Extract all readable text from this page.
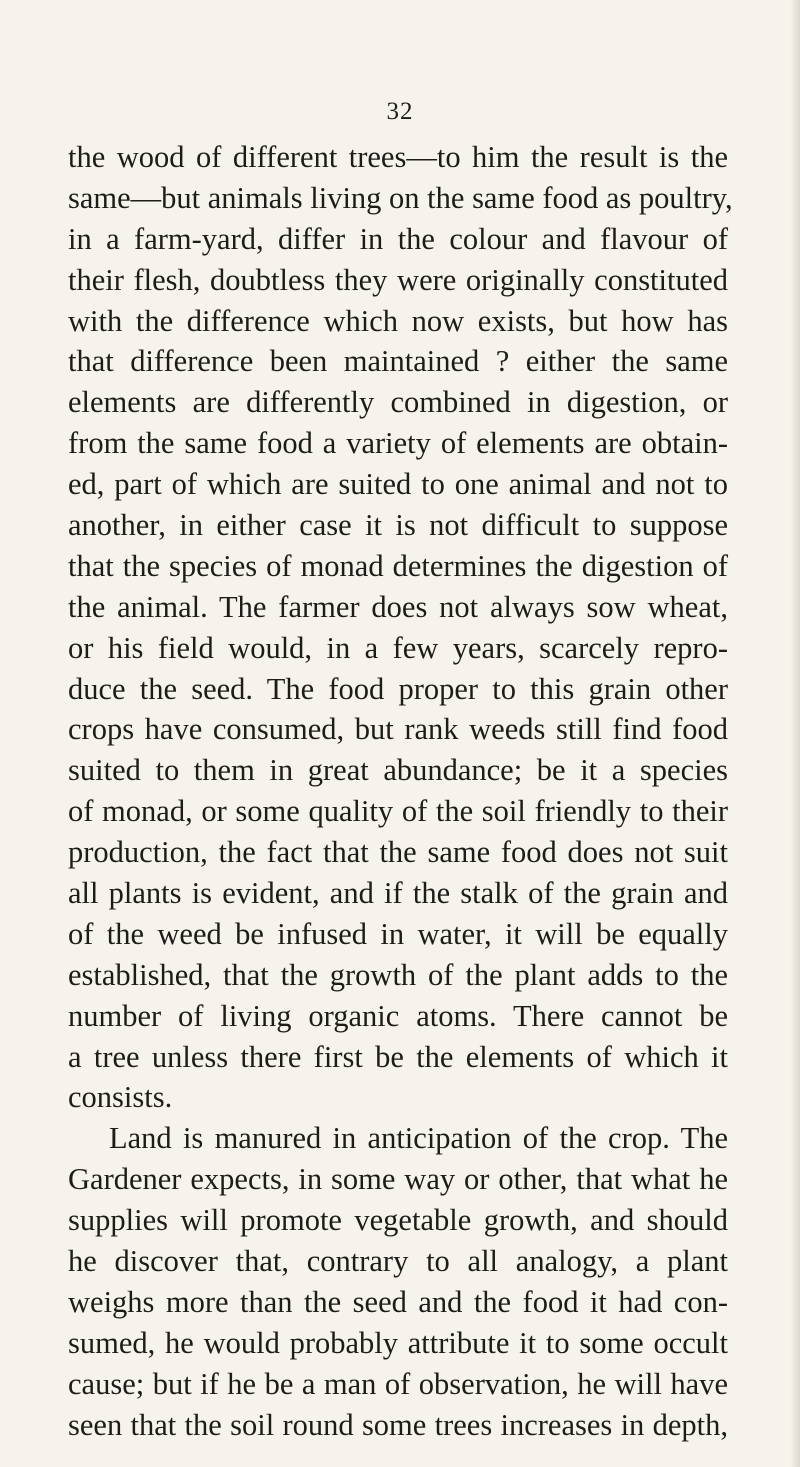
32
the wood of different trees—to him the result is the
same—but animals living on the same food as poultry,
in a farm-yard, differ in the colour and flavour of
their flesh, doubtless they were originally constituted
with the difference which now exists, but how has
that difference been maintained ? either the same
elements are differently combined in digestion, or
from the same food a variety of elements are obtain-
ed, part of which are suited to one animal and not to
another, in either case it is not difficult to suppose
that the species of monad determines the digestion of
the animal. The farmer does not always sow wheat,
or his field would, in a few years, scarcely repro-
duce the seed. The food proper to this grain other
crops have consumed, but rank weeds still find food
suited to them in great abundance; be it a species
of monad, or some quality of the soil friendly to their
production, the fact that the same food does not suit
all plants is evident, and if the stalk of the grain and
of the weed be infused in water, it will be equally
established, that the growth of the plant adds to the
number of living organic atoms. There cannot be
a tree unless there first be the elements of which it
consists.
Land is manured in anticipation of the crop. The
Gardener expects, in some way or other, that what he
supplies will promote vegetable growth, and should
he discover that, contrary to all analogy, a plant
weighs more than the seed and the food it had con-
sumed, he would probably attribute it to some occult
cause; but if he be a man of observation, he will have
seen that the soil round some trees increases in depth,
